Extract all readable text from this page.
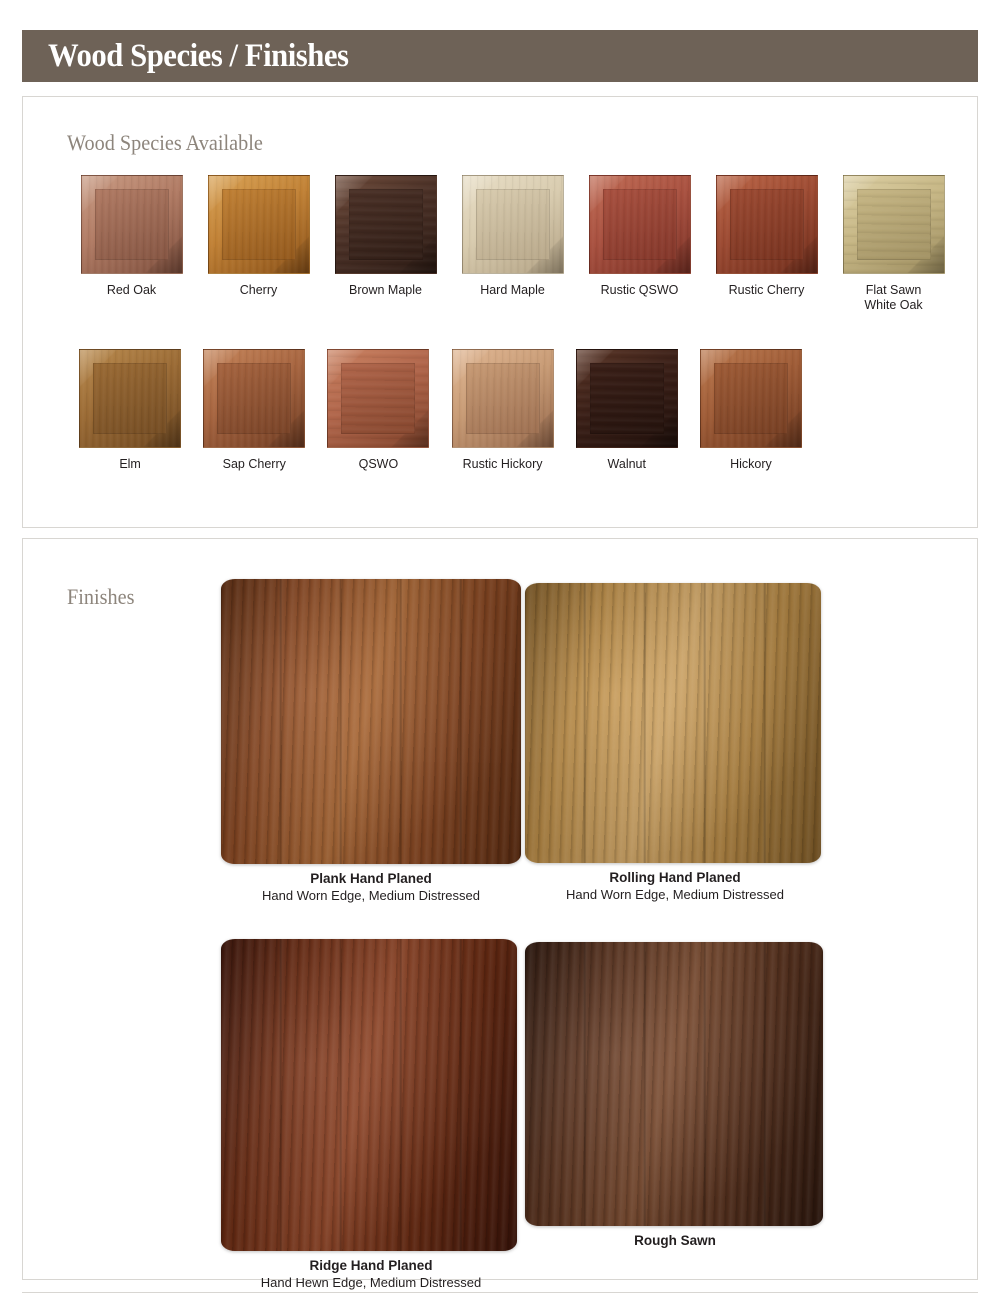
Wood Species / Finishes
Wood Species Available
Red Oak	Cherry	Brown Maple	Hard Maple	Rustic QSWO	Rustic Cherry	Flat Sawn
White Oak
Elm	Sap Cherry	QSWO	Rustic Hickory	Walnut	Hickory
Finishes
Plank Hand Planed
Hand Worn Edge, Medium Distressed
Rolling Hand Planed
Hand Worn Edge, Medium Distressed
Ridge Hand Planed
Hand Hewn Edge, Medium Distressed
Rough Sawn
